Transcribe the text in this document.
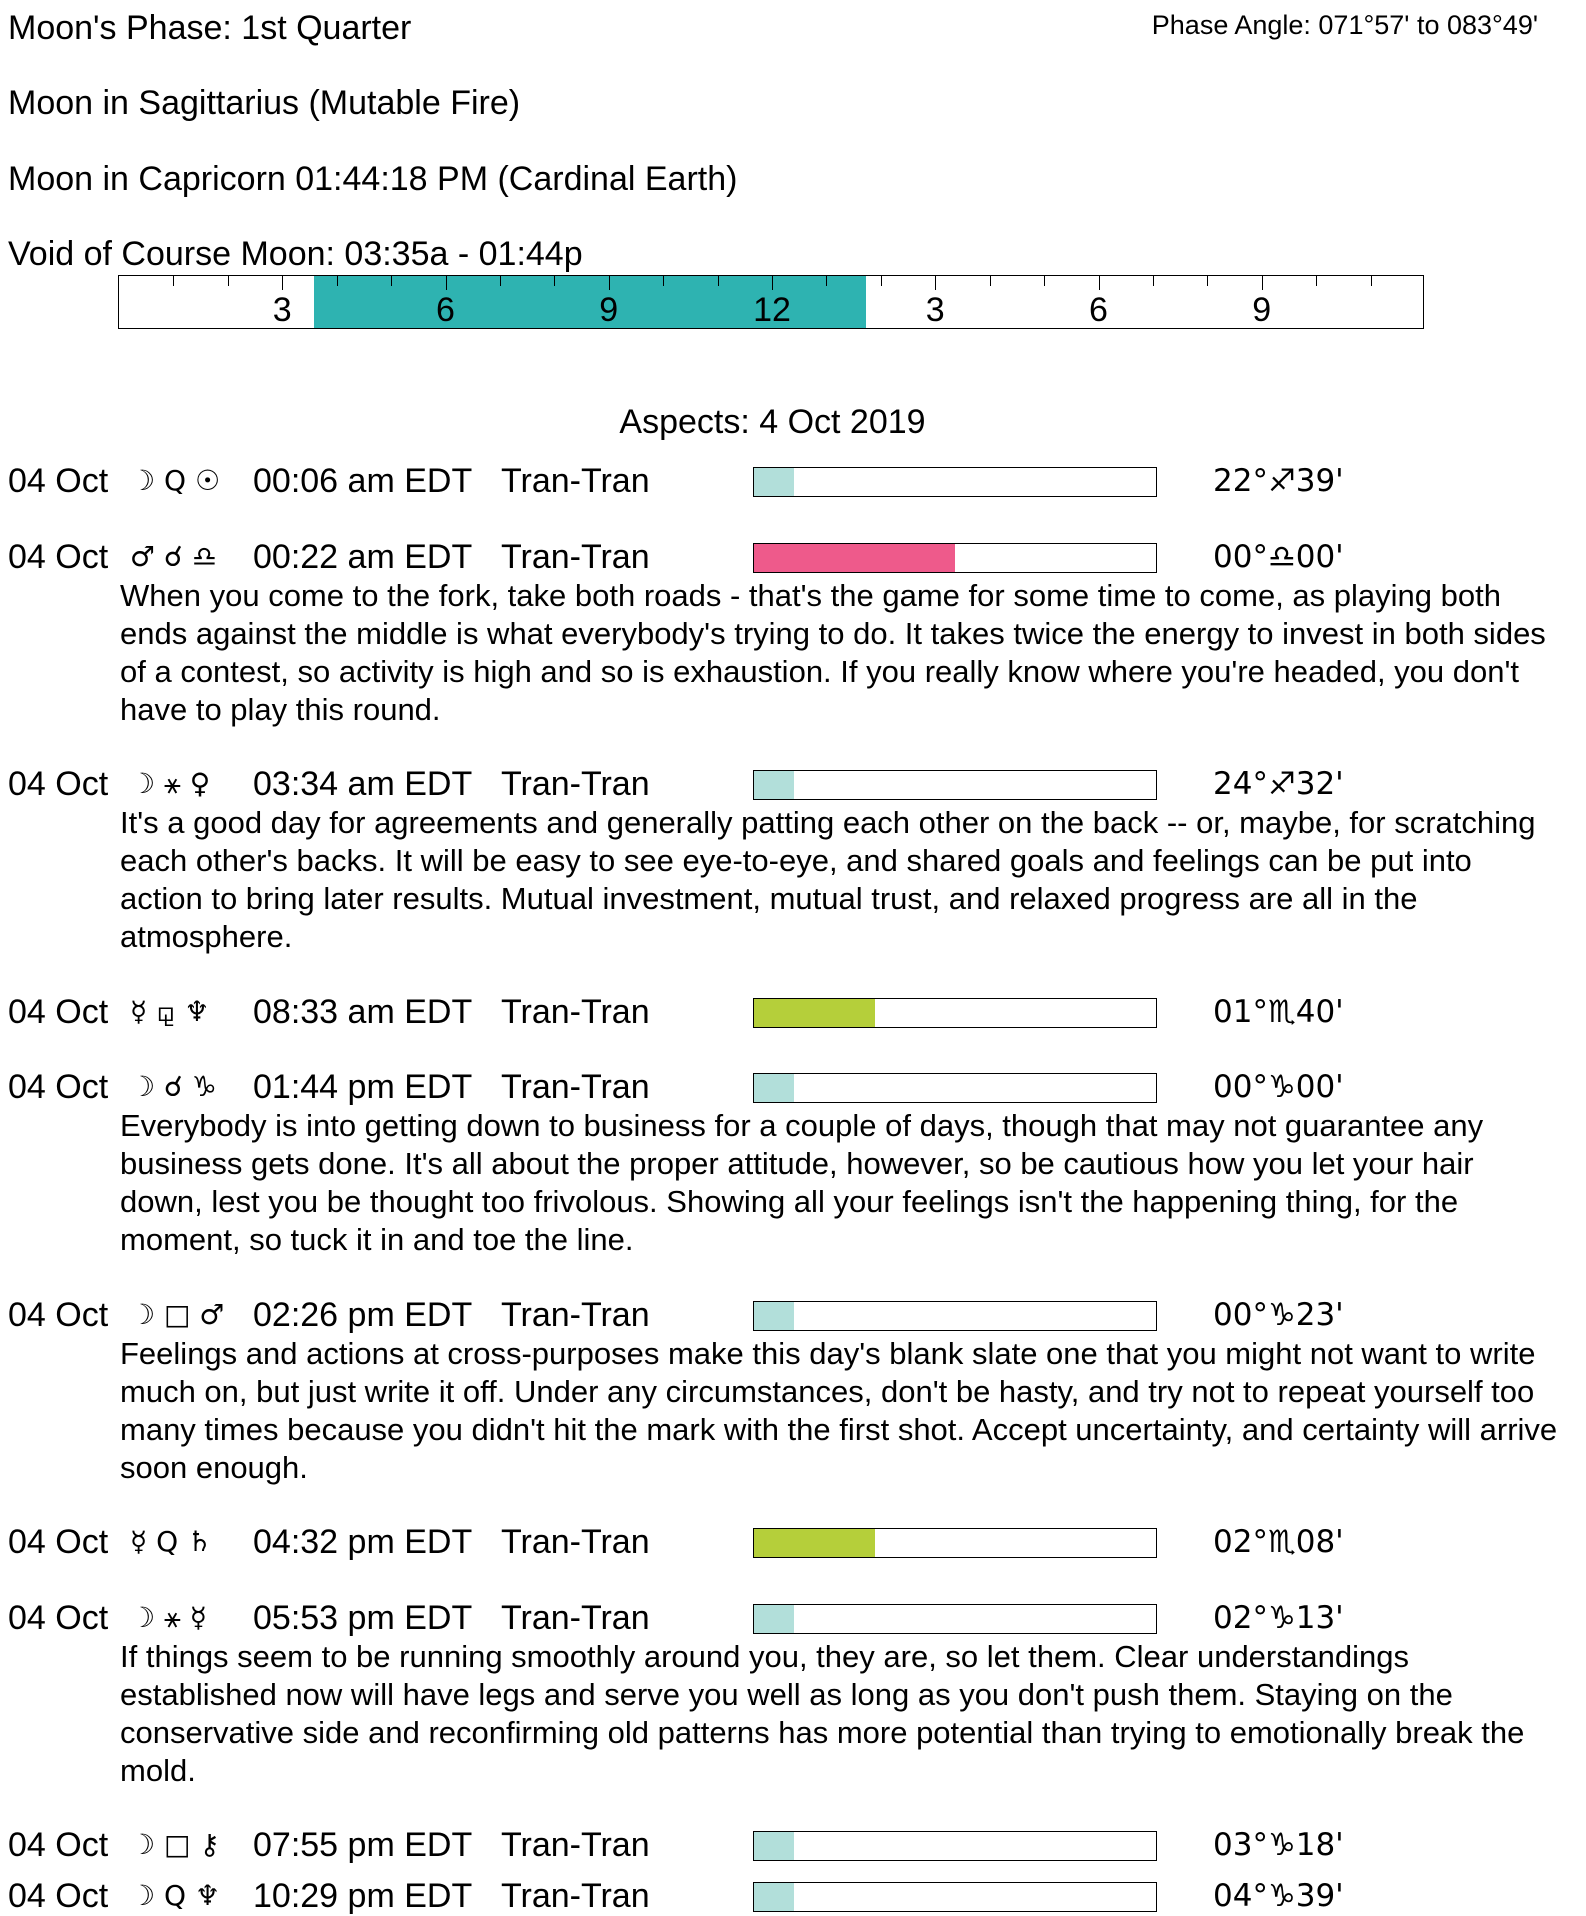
Moon's Phase: 1st Quarter	Phase Angle: 071°57' to 083°49'
Moon in Sagittarius (Mutable Fire)
Moon in Capricorn 01:44:18 PM (Cardinal Earth)
Void of Course Moon: 03:35a - 01:44p
3	6	9	12	3	6	9
Aspects: 4 Oct 2019
04 Oct ☽ Q ☉ 00:06 am EDT Tran-Tran	22°♐39'
04 Oct ♂ ☌ ♎ 00:22 am EDT Tran-Tran	00°♎00'
When you come to the fork, take both roads - that's the game for some time to come, as playing both ends against the middle is what everybody's trying to do. It takes twice the energy to invest in both sides of a contest, so activity is high and so is exhaustion. If you really know where you're headed, you don't have to play this round.
04 Oct ☽ ⚹ ♀ 03:34 am EDT Tran-Tran	24°♐32'
It's a good day for agreements and generally patting each other on the back -- or, maybe, for scratching each other's backs. It will be easy to see eye-to-eye, and shared goals and feelings can be put into action to bring later results. Mutual investment, mutual trust, and relaxed progress are all in the atmosphere.
04 Oct ☿ ⚼ ♆ 08:33 am EDT Tran-Tran	01°♏40'
04 Oct ☽ ☌ ♑ 01:44 pm EDT Tran-Tran	00°♑00'
Everybody is into getting down to business for a couple of days, though that may not guarantee any business gets done. It's all about the proper attitude, however, so be cautious how you let your hair down, lest you be thought too frivolous. Showing all your feelings isn't the happening thing, for the moment, so tuck it in and toe the line.
04 Oct ☽ □ ♂ 02:26 pm EDT Tran-Tran	00°♑23'
Feelings and actions at cross-purposes make this day's blank slate one that you might not want to write much on, but just write it off. Under any circumstances, don't be hasty, and try not to repeat yourself too many times because you didn't hit the mark with the first shot. Accept uncertainty, and certainty will arrive soon enough.
04 Oct ☿ Q ♄ 04:32 pm EDT Tran-Tran	02°♏08'
04 Oct ☽ ⚹ ☿ 05:53 pm EDT Tran-Tran	02°♑13'
If things seem to be running smoothly around you, they are, so let them. Clear understandings established now will have legs and serve you well as long as you don't push them. Staying on the conservative side and reconfirming old patterns has more potential than trying to emotionally break the mold.
04 Oct ☽ □ ⚷ 07:55 pm EDT Tran-Tran	03°♑18'
04 Oct ☽ Q ♆ 10:29 pm EDT Tran-Tran	04°♑39'
